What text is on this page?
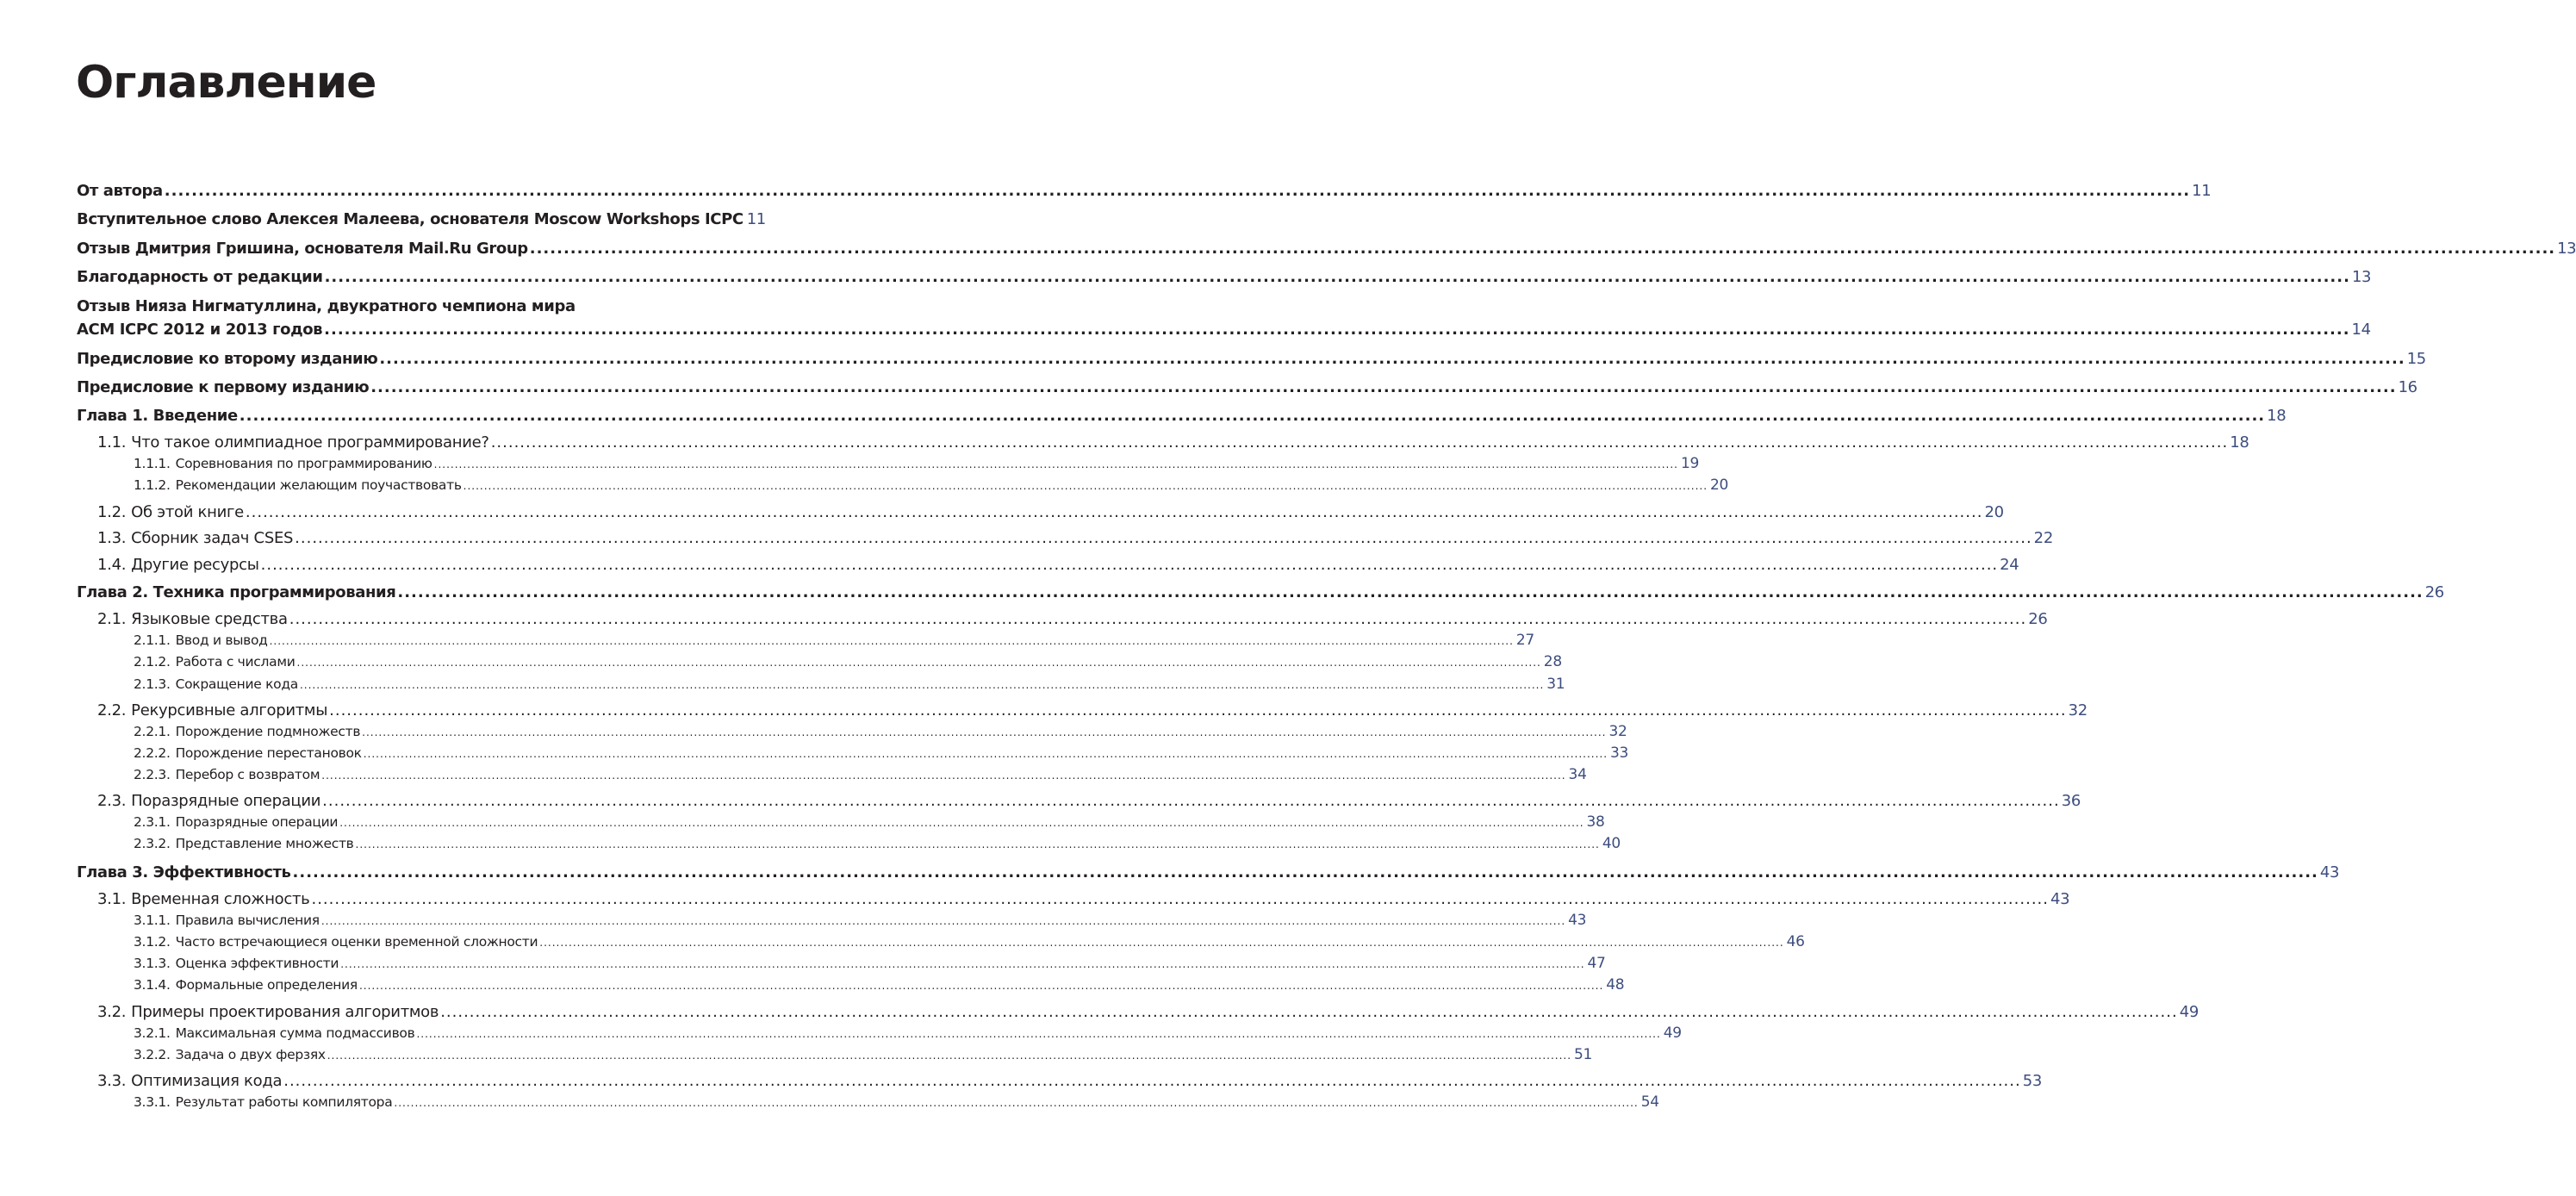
Оглавление
От автора ............................................................................................................................................................................................................................................................................................................ 11
Вступительное слово Алексея Малеева, основателя Moscow Workshops ICPC 11
Отзыв Дмитрия Гришина, основателя Mail.Ru Group ............................................................................................................................................................................................................................................................................................................ 13
Благодарность от редакции ............................................................................................................................................................................................................................................................................................................ 13
Отзыв Нияза Нигматуллина, двукратного чемпиона мира
ACM ICPC 2012 и 2013 годов ............................................................................................................................................................................................................................................................................................................ 14
Предисловие ко второму изданию ............................................................................................................................................................................................................................................................................................................ 15
Предисловие к первому изданию ............................................................................................................................................................................................................................................................................................................ 16
Глава 1. Введение ............................................................................................................................................................................................................................................................................................................ 18
1.1. Что такое олимпиадное программирование? ............................................................................................................................................................................................................................................................................................................ 18
1.1.1. Соревнования по программированию ............................................................................................................................................................................................................................................................................................................ 19
1.1.2. Рекомендации желающим поучаствовать ............................................................................................................................................................................................................................................................................................................ 20
1.2. Об этой книге ............................................................................................................................................................................................................................................................................................................ 20
1.3. Сборник задач CSES ............................................................................................................................................................................................................................................................................................................ 22
1.4. Другие ресурсы ............................................................................................................................................................................................................................................................................................................ 24
Глава 2. Техника программирования ............................................................................................................................................................................................................................................................................................................ 26
2.1. Языковые средства ............................................................................................................................................................................................................................................................................................................ 26
2.1.1. Ввод и вывод ............................................................................................................................................................................................................................................................................................................ 27
2.1.2. Работа с числами ............................................................................................................................................................................................................................................................................................................ 28
2.1.3. Сокращение кода ............................................................................................................................................................................................................................................................................................................ 31
2.2. Рекурсивные алгоритмы ............................................................................................................................................................................................................................................................................................................ 32
2.2.1. Порождение подмножеств ............................................................................................................................................................................................................................................................................................................ 32
2.2.2. Порождение перестановок ............................................................................................................................................................................................................................................................................................................ 33
2.2.3. Перебор с возвратом ............................................................................................................................................................................................................................................................................................................ 34
2.3. Поразрядные операции ............................................................................................................................................................................................................................................................................................................ 36
2.3.1. Поразрядные операции ............................................................................................................................................................................................................................................................................................................ 38
2.3.2. Представление множеств ............................................................................................................................................................................................................................................................................................................ 40
Глава 3. Эффективность ............................................................................................................................................................................................................................................................................................................ 43
3.1. Временная сложность ............................................................................................................................................................................................................................................................................................................ 43
3.1.1. Правила вычисления ............................................................................................................................................................................................................................................................................................................ 43
3.1.2. Часто встречающиеся оценки временной сложности ............................................................................................................................................................................................................................................................................................................ 46
3.1.3. Оценка эффективности ............................................................................................................................................................................................................................................................................................................ 47
3.1.4. Формальные определения ............................................................................................................................................................................................................................................................................................................ 48
3.2. Примеры проектирования алгоритмов ............................................................................................................................................................................................................................................................................................................ 49
3.2.1. Максимальная сумма подмассивов ............................................................................................................................................................................................................................................................................................................ 49
3.2.2. Задача о двух ферзях ............................................................................................................................................................................................................................................................................................................ 51
3.3. Оптимизация кода ............................................................................................................................................................................................................................................................................................................ 53
3.3.1. Результат работы компилятора ............................................................................................................................................................................................................................................................................................................ 54
